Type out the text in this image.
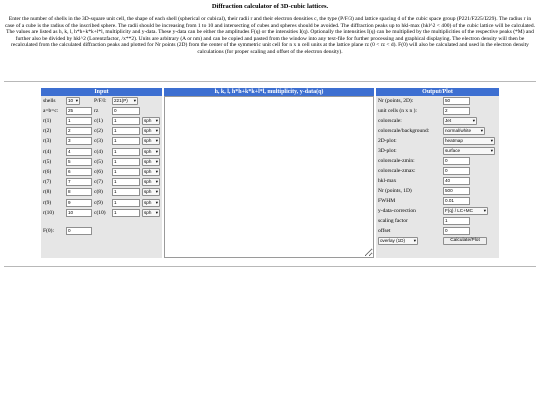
Diffraction calculator of 3D-cubic lattices.
Enter the number of shells in the 3D-square unit cell, the shape of each shell (spherical or cubical), their radii r and their electron densities c, the type (P/F/3) and lattice spacing d of the cubic space group (P221/F225/I229). The radius r in case of a cube is the radius of the inscribed sphere. The radii should be increasing from 1 to 10 and intersecting of cubes and spheres should be avoided. The diffraction peaks up to hkl-max (hkl^2 < 400) of the cubic lattice will be calculated. The values are listed as h, k, l, h*h+k*k+l*l, multiplicity and y-data. These y-data can be either the amplitudes F(q) or the intensities I(q). Optionally the intensities I(q) can be multiplied by the multiplicities of the respective peaks (*M) and further also be divided by hkl^2 (Lorentzfactor, /x**2). Units are arbitrary (A or nm) and can be copied and pasted from the window into any text-file for further processing and graphical displaying. The electron density will then be recalculated from the calculated diffraction peaks and plotted for Nr points (2D) from the center of the symmetric unit cell for n x n cell units at the lattice plane rz (0 < rz < d). F(0) will also be calculated and used in the electron density calculations (for proper scaling and offset of the electron density).
Input
shells	10 ▾	P/F/I:	221(P) ▾
a=b=c:	25	rz	0
r(1)	1	c(1)	1	sph ▾
r(2)	2	c(2)	1	sph ▾
r(3)	3	c(3)	1	sph ▾
r(4)	4	c(4)	1	sph ▾
r(5)	5	c(5)	1	sph ▾
r(6)	6	c(6)	1	sph ▾
r(7)	7	c(7)	1	sph ▾
r(8)	8	c(8)	1	sph ▾
r(9)	9	c(9)	1	sph ▾
r(10)	10	c(10)	1	sph ▾
F(0):	0
h, k, l, h*h+k*k+l*l, multiplicity, y-data(q)	Output/Plot
Nr (points, 2D):	50
unit cells (n x n ):	2
colorscale:	Jet	▾
colorscale/background:	normal/white ▾
2D-plot:	heatmap	▾
3D-plot:	surface	▾
colorscale-zmin:	0
colorscale-zmax:	0
hkl-max	40
Nr (points, 1D)	500
FWHM	0.01
y-data-correction	F(q) / LC+MC ▾
scaling factor	1
offset	0
overlay (1D) ▾	Calculate/Plot
